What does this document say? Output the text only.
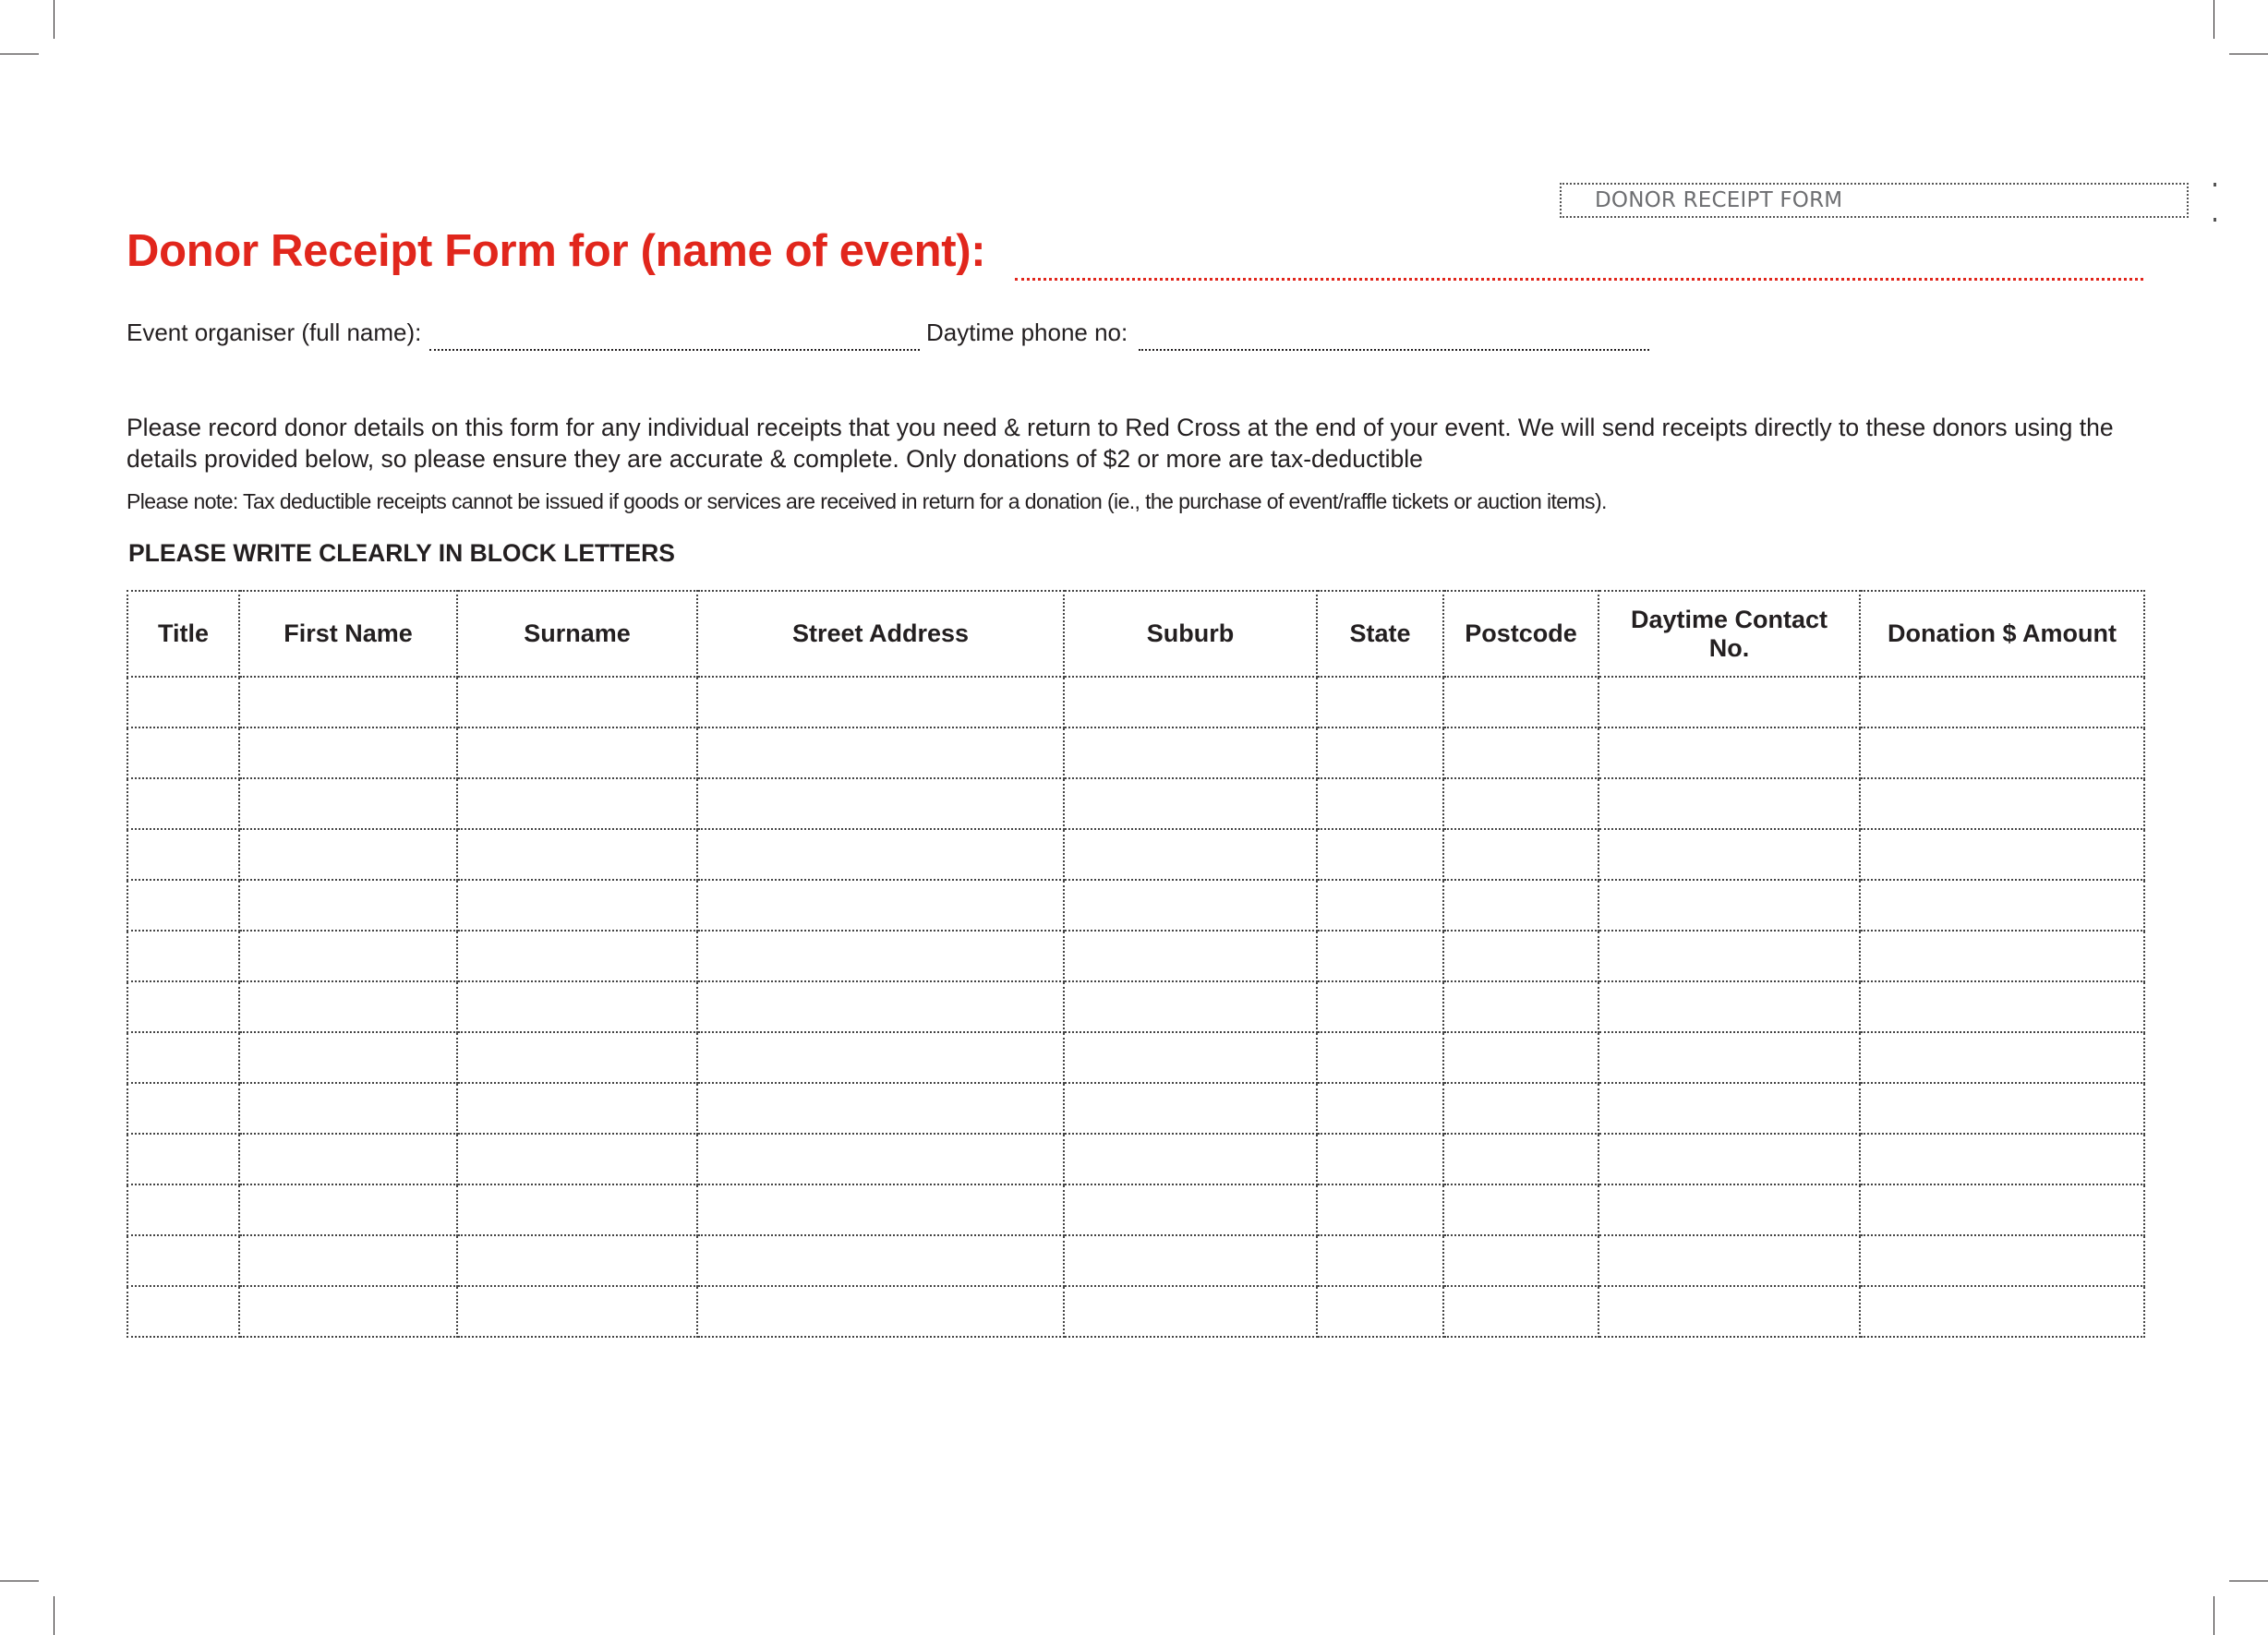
DONOR RECEIPT FORM
Donor Receipt Form for (name of event):
Event organiser (full name):	Daytime phone no:
Please record donor details on this form for any individual receipts that you need & return to Red Cross at the end of your event. We will send receipts directly to these donors using the details provided below, so please ensure they are accurate & complete. Only donations of $2 or more are tax-deductible
Please note: Tax deductible receipts cannot be issued if goods or services are received in return for a donation (ie., the purchase of event/raffle tickets or auction items).
PLEASE WRITE CLEARLY IN BLOCK LETTERS
Title	First Name	Surname	Street Address	Suburb	State	Postcode	Daytime Contact No.	Donation $ Amount
